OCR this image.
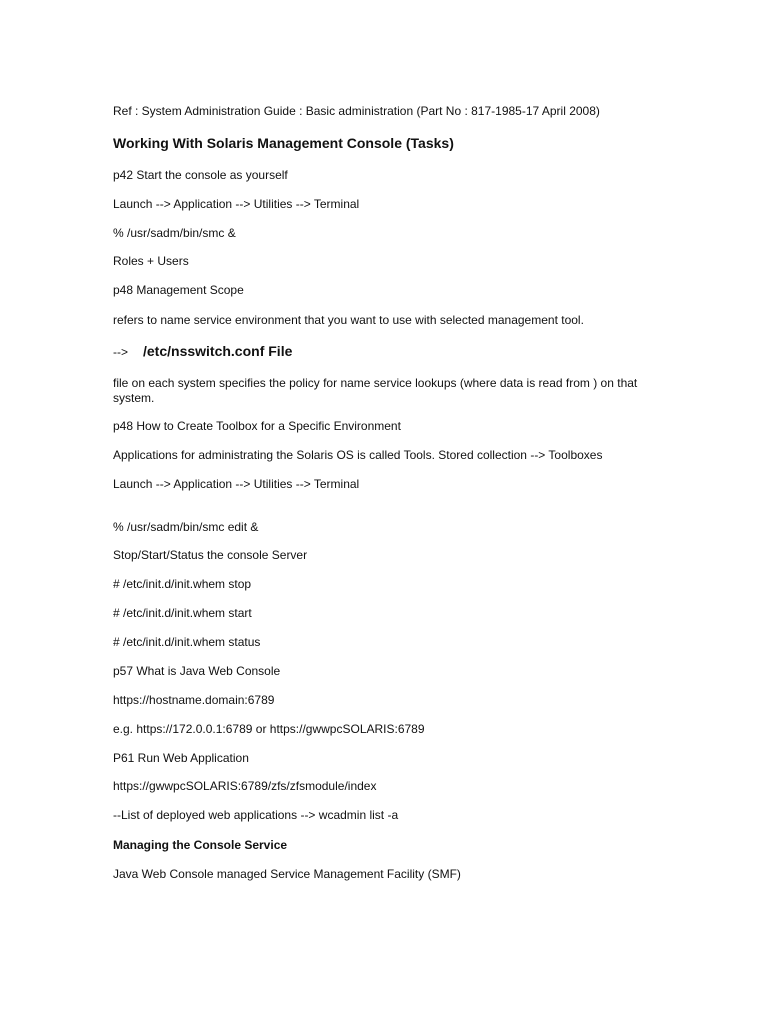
Ref : System Administration Guide : Basic administration (Part No : 817-1985-17 April 2008)
Working With Solaris Management Console (Tasks)
p42 Start the console as yourself
Launch --> Application --> Utilities --> Terminal
% /usr/sadm/bin/smc &
Roles + Users
p48 Management Scope
refers to name service environment that you want to use with selected management tool.
--> /etc/nsswitch.conf File
file on each system specifies the policy for name service lookups (where data is read from ) on that system.
p48 How to Create Toolbox for a Specific Environment
Applications for administrating the Solaris OS is called Tools. Stored collection --> Toolboxes
Launch --> Application --> Utilities --> Terminal
% /usr/sadm/bin/smc edit &
Stop/Start/Status the console Server
# /etc/init.d/init.whem stop
# /etc/init.d/init.whem start
# /etc/init.d/init.whem status
p57 What is Java Web Console
https://hostname.domain:6789
e.g. https://172.0.0.1:6789 or https://gwwpcSOLARIS:6789
P61 Run Web Application
https://gwwpcSOLARIS:6789/zfs/zfsmodule/index
--List of deployed web applications --> wcadmin list -a
Managing the Console Service
Java Web Console managed Service Management Facility (SMF)
